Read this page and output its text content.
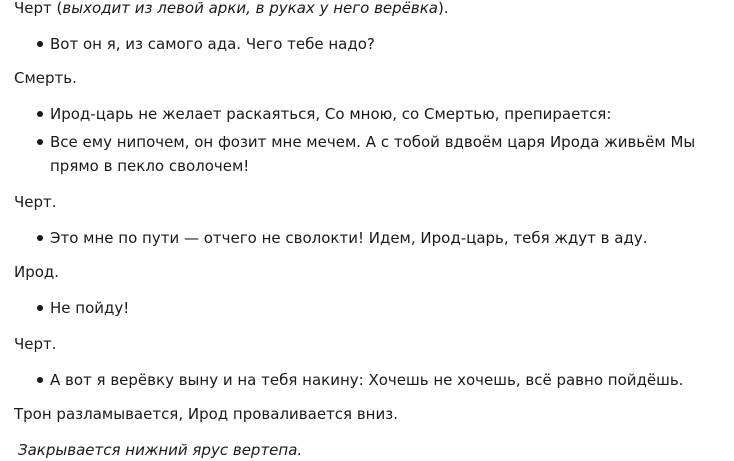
Черт (выходит из левой арки, в руках у него верёвка).
Вот он я, из самого ада. Чего тебе надо?
Смерть.
Ирод-царь не желает раскаяться, Со мною, со Смертью, препирается:
Все ему нипочем, он фозит мне мечем. А с тобой вдвоём царя Ирода живьём Мы прямо в пекло сволочем!
Черт.
Это мне по пути — отчего не сволокти! Идем, Ирод-царь, тебя ждут в аду.
Ирод.
Не пойду!
Черт.
А вот я верёвку выну и на тебя накину: Хочешь не хочешь, всё равно пойдёшь.
Трон разламывается, Ирод проваливается вниз.
Закрывается нижний ярус вертепа.
